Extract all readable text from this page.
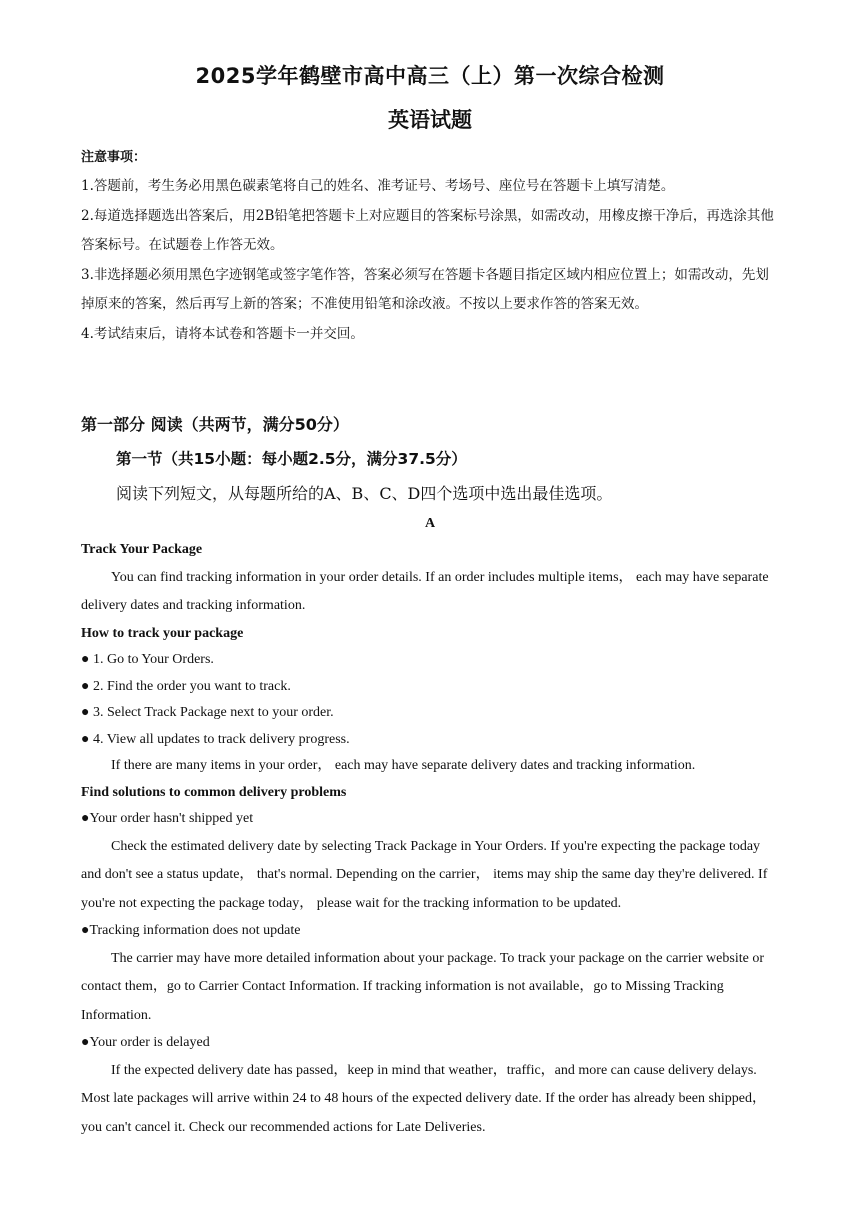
2025学年鹤壁市高中高三（上）第一次综合检测
英语试题
注意事项：

1.答题前，考生务必用黑色碳素笔将自己的姓名、准考证号、考场号、座位号在答题卡上填写清楚。

2.每道选择题选出答案后，用2B铅笔把答题卡上对应题目的答案标号涂黑，如需改动，用橡皮擦干净后，再选涂其他答案标号。在试题卷上作答无效。

3.非选择题必须用黑色字迹钢笔或签字笔作答，答案必须写在答题卡各题目指定区域内相应位置上；如需改动，先划掉原来的答案，然后再写上新的答案；不准使用铅笔和涂改液。不按以上要求作答的答案无效。

4.考试结束后，请将本试卷和答题卡一并交回。

第一部分 阅读（共两节，满分50分）
第一节（共15小题：每小题2.5分，满分37.5分）
阅读下列短文，从每题所给的A、B、C、D四个选项中选出最佳选项。
A

Track Your Package

You can find tracking information in your order details. If an order includes multiple items， each may have separate delivery dates and tracking information.

How to track your package

● 1. Go to Your Orders.

● 2. Find the order you want to track.

● 3. Select Track Package next to your order.

● 4. View all updates to track delivery progress.

If there are many items in your order， each may have separate delivery dates and tracking information.

Find solutions to common delivery problems

●Your order hasn't shipped yet

Check the estimated delivery date by selecting Track Package in Your Orders. If you're expecting the package today and don't see a status update， that's normal. Depending on the carrier， items may ship the same day they're delivered. If you're not expecting the package today， please wait for the tracking information to be updated.

●Tracking information does not update

The carrier may have more detailed information about your package. To track your package on the carrier website or contact them，go to Carrier Contact Information. If tracking information is not available，go to Missing Tracking Information.

●Your order is delayed

If the expected delivery date has passed，keep in mind that weather，traffic，and more can cause delivery delays. Most late packages will arrive within 24 to 48 hours of the expected delivery date. If the order has already been shipped，you can't cancel it. Check our recommended actions for Late Deliveries.
